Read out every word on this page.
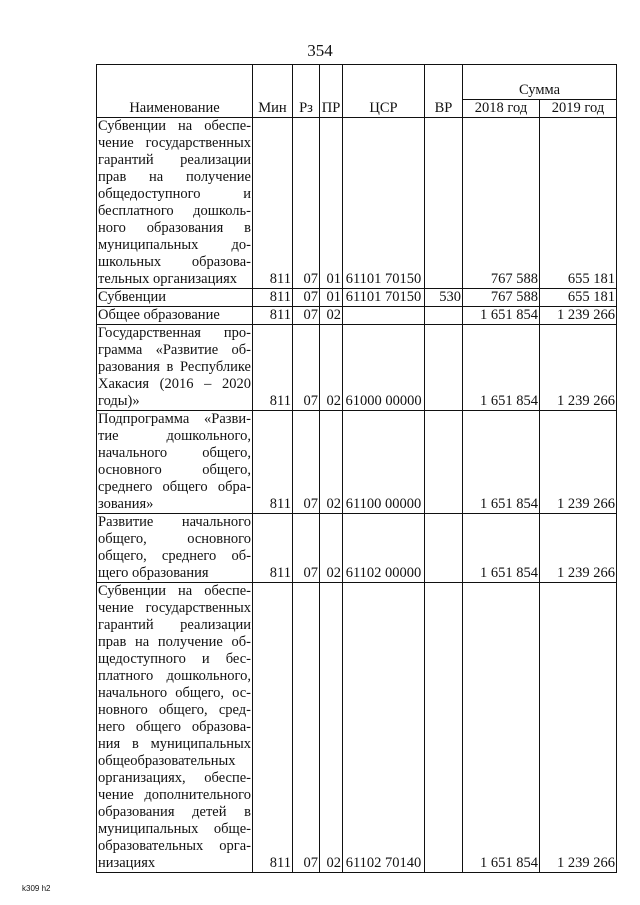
354
Наименование	Мин	Рз	ПР	ЦСР	ВР	Сумма	
						2018 год	2019 год
Субвенции на обеспечение государственных гарантий реализации прав на получение общедоступного и бесплатного дошкольного образования в муниципальных дошкольных образовательных организациях	811	07	01	61101 70150		767 588	655 181
Субвенции	811	07	01	61101 70150	530	767 588	655 181
Общее образование	811	07	02			1 651 854	1 239 266
Государственная программа «Развитие образования в Республике Хакасия (2016 – 2020 годы)»	811	07	02	61000 00000		1 651 854	1 239 266
Подпрограмма «Развитие дошкольного, начального общего, основного общего, среднего общего образования»	811	07	02	61100 00000		1 651 854	1 239 266
Развитие начального общего, основного общего, среднего общего образования	811	07	02	61102 00000		1 651 854	1 239 266
Субвенции на обеспечение государственных гарантий реализации прав на получение общедоступного и бесплатного дошкольного, начального общего, основного общего, среднего общего образования в муниципальных общеобразовательных организациях, обеспечение дополнительного образования детей в муниципальных общеобразовательных организациях	811	07	02	61102 70140		1 651 854	1 239 266
k309 h2
